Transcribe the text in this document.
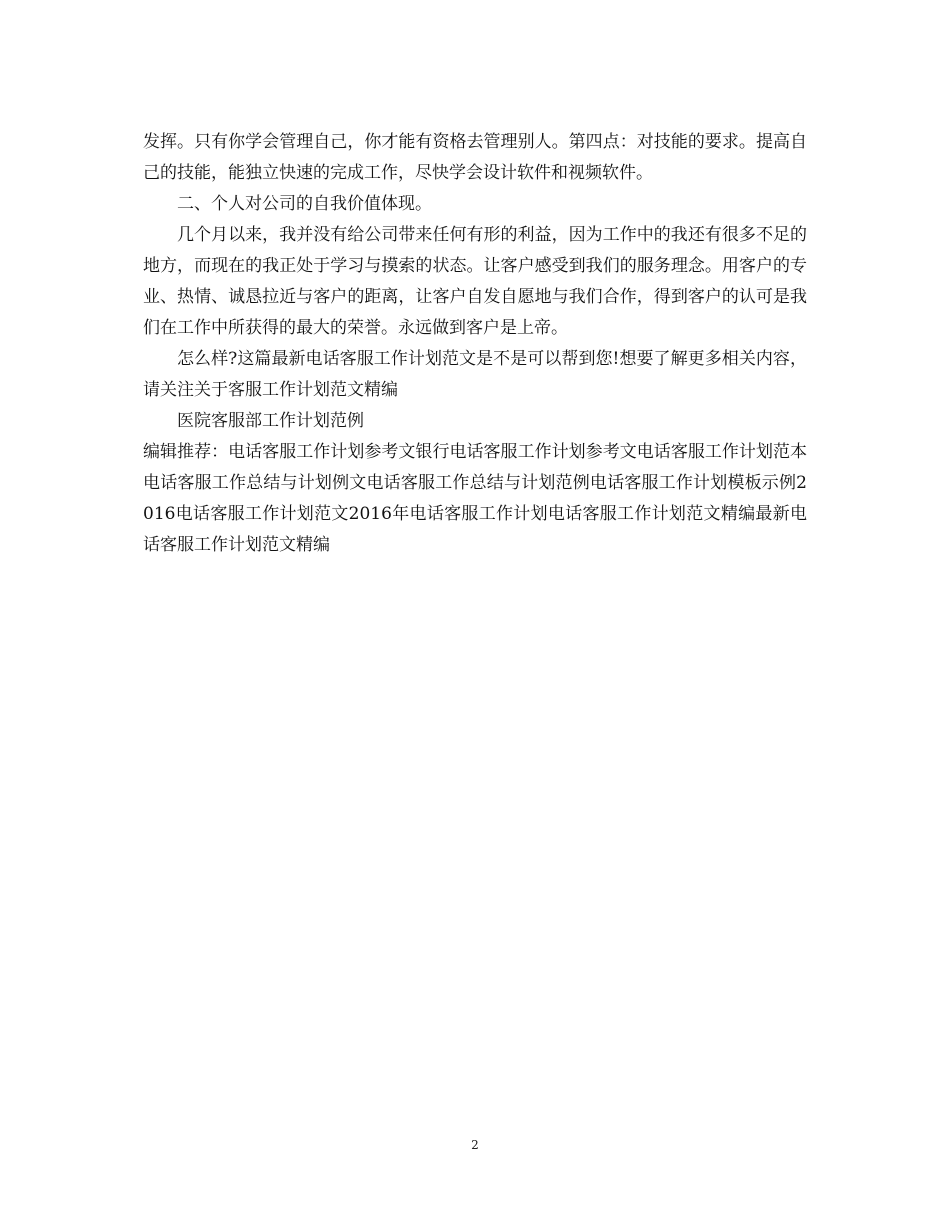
发挥。只有你学会管理自己，你才能有资格去管理别人。第四点：对技能的要求。提高自己的技能，能独立快速的完成工作，尽快学会设计软件和视频软件。

二、个人对公司的自我价值体现。

几个月以来，我并没有给公司带来任何有形的利益，因为工作中的我还有很多不足的地方，而现在的我正处于学习与摸索的状态。让客户感受到我们的服务理念。用客户的专业、热情、诚恳拉近与客户的距离，让客户自发自愿地与我们合作，得到客户的认可是我们在工作中所获得的最大的荣誉。永远做到客户是上帝。

怎么样?这篇最新电话客服工作计划范文是不是可以帮到您!想要了解更多相关内容，请关注关于客服工作计划范文精编

医院客服部工作计划范例

编辑推荐：电话客服工作计划参考文银行电话客服工作计划参考文电话客服工作计划范本电话客服工作总结与计划例文电话客服工作总结与计划范例电话客服工作计划模板示例2016电话客服工作计划范文2016年电话客服工作计划电话客服工作计划范文精编最新电话客服工作计划范文精编

2
